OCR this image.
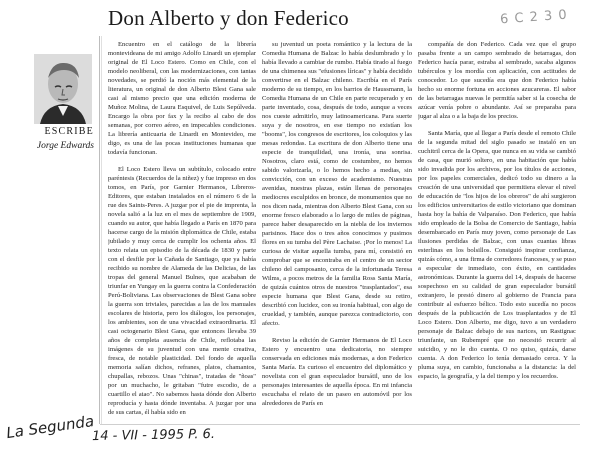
Don Alberto y don Federico	6 C 2 3 0
ESCRIBE
Jorge Edwards

Encuentro en el catálogo de la librería montevideana de mi amigo Adolfo Linardi un ejemplar original de El Loco Estero. Como en Chile, con el modelo neoliberal, con las modernizaciones, con tantas novedades, se perdió la noción más elemental de la literatura, un original de don Alberto Blest Gana sale casi al mismo precio que una edición moderna de Muñoz Molina, de Laura Esquivel, de Luis Sepúlveda. Encargo la obra por fax y la recibo al cabo de dos semanas, por correo aéreo, en impecables condiciones. La librería anticuaria de Linardi en Montevideo, me digo, es una de las pocas instituciones humanas que todavía funcionan.

El Loco Estero lleva un subtítulo, colocado entre paréntesis (Recuerdos de la niñez) y fue impreso en dos tomos, en París, por Garnier Hermanos, Libreros-Editores, que estaban instalados en el número 6 de la rue des Saints-Peres. A juzgar por el pie de imprenta, la novela salió a la luz en el mes de septiembre de 1909, cuando su autor, que había llegado a París en 1870 para hacerse cargo de la misión diplomática de Chile, estaba jubilado y muy cerca de cumplir los ochenta años. El texto relata un episodio de la década de 1830 y parte con el desfile por la Cañada de Santiago, que ya había recibido su nombre de Alameda de las Delicias, de las tropas del general Manuel Bulnes, que acababan de triunfar en Yungay en la guerra contra la Confederación Perú-Boliviana. Las observaciones de Blest Gana sobre la guerra son triviales, parecidas a las de los manuales escolares de historia, pero los diálogos, los personajes, los ambientes, son de una vivacidad extraordinaria. El casi octogenario Blest Gana, que entonces llevaba 39 años de completa ausencia de Chile, reflotaba las imágenes de su juventud con una mente creativa, fresca, de notable plasticidad. Del fondo de aquella memoria salían dichos, refranes, platos, chamantos, chupallas, rebozos. Unas "chinas", tratadas de "ñoas" por un muchacho, le gritaban "futre escodio, de a cuartillo el atao". No sabemos hasta dónde don Alberto reproducía y hasta dónde inventaba. A juzgar por una de sus cartas, él había sido en

su juventud un poeta romántico y la lectura de la Comedia Humana de Balzac lo había deslumbrado y lo había llevado a cambiar de rumbo. Había tirado al fuego de una chimenea sus "efusiones líricas" y había decidido convertirse en el Balzac chileno. Escribía en el París moderno de su tiempo, en los barrios de Haussmann, la Comedia Humana de un Chile en parte recuperado y en parte inventado, cosa, después de todo, aunque a veces nos cueste admitirlo, muy latinoamericana. Para suerte suya y de nosotros, en ese tiempo no existían los "booms", los congresos de escritores, los coloquios y las mesas redondas. La escritura de don Alberto tiene una especie de tranquilidad, una ironía, una sonrisa. Nosotros, claro está, como de costumbre, no hemos sabido valorizarla, o lo hemos hecho a medias, sin convicción, con un exceso de academismo. Nuestras avenidas, nuestras plazas, están llenas de personajes mediocres esculpidos en bronce, de monumentos que no nos dicen nada, mientras don Alberto Blest Gana, con su enorme fresco elaborado a lo largo de miles de páginas, parece haber desaparecido en la niebla de los inviernos parisinos. Hace dos o tres años conocimos y pusimos flores en su tumba del Père Lachaise. ¡Por lo menos! La curiosa de visitar aquella tumba, para mí, consistió en comprobar que se encontraba en el centro de un sector chileno del camposanto, cerca de la infortunada Teresa Wilms, a pocos metros de la familia Ross Santa María, de quizás cuántos otros de nuestros "trasplantados", esa especie humana que Blest Gana, desde su retiro, describió con lucidez, con su ironía habitual, con algo de crueldad, y también, aunque parezca contradictorio, con afecto.

Reviso la edición de Garnier Hermanos de El Loco Estero y encuentro una dedicatoria, no siempre conservada en ediciones más modernas, a don Federico Santa María. Es curioso el encuentro del diplomático y novelista con el gran especulador bursátil, uno de los personajes interesantes de aquella época. En mi infancia escuchaba el relato de un paseo en automóvil por los alrededores de París en

compañía de don Federico. Cada vez que el grupo pasaba frente a un campo sembrado de betarragas, don Federico hacía parar, estraba al sembrado, sacaba algunos tubérculos y los mordía con aplicación, con actitudes de conocedor. Lo que sucedía era que don Federico había hecho su enorme fortuna en acciones azucareras. El sabor de las betarragas nuevas le permitía saber si la cosecha de azúcar venía pobre o abundante. Así se preparaba para jugar al alza o a la baja de los precios.

Santa María, que al llegar a París desde el remoto Chile de la segunda mitad del siglo pasado se instaló en un cuchitril cerca de la Opera, que nunca en su vida se cambió de casa, que murió soltero, en una habitación que había sido invadida por los archivos, por los títulos de acciones, por los papeles comerciales, dedicó todo su dinero a la creación de una universidad que permitiera elevar el nivel de educación de "los hijos de los obreros" de ahí surgieron los edificios universitarios de estilo victoriano que dominan hasta hoy la bahía de Valparaíso. Don Federico, que había sido empleado de la Bolsa de Comercio de Santiago, había desembarcado en París muy joven, como personaje de Las ilusiones perdidas de Balzac, con unas cuantas libras esterlinas en los bolsillos. Consiguió inspirar confianza, quizás cómo, a una firma de corredores franceses, y se puso a especular de inmediato, con éxito, en cantidades astronómicas. Durante la guerra del 14, después de hacerse sospechoso en su calidad de gran especulador bursátil extranjero, le prestó dinero al gobierno de Francia para contribuir al esfuerzo bélico. Todo esto sucedía no pocos después de la publicación de Los trasplantados y de El Loco Estero. Don Alberto, me digo, tuvo a un verdadero personaje de Balzac debajo de sus narices, un Rastignac triunfante, un Rubempré que no necesitó recurrir al suicidio, y no le dio cuenta. O no quiso, quizás, darse cuenta. A don Federico lo tenía demasiado cerca. Y la pluma suya, en cambio, funcionaba a la distancia: la del espacio, la geografía, y la del tiempo y los recuerdos.

La Segunda
14 - VII - 1995 P. 6.
